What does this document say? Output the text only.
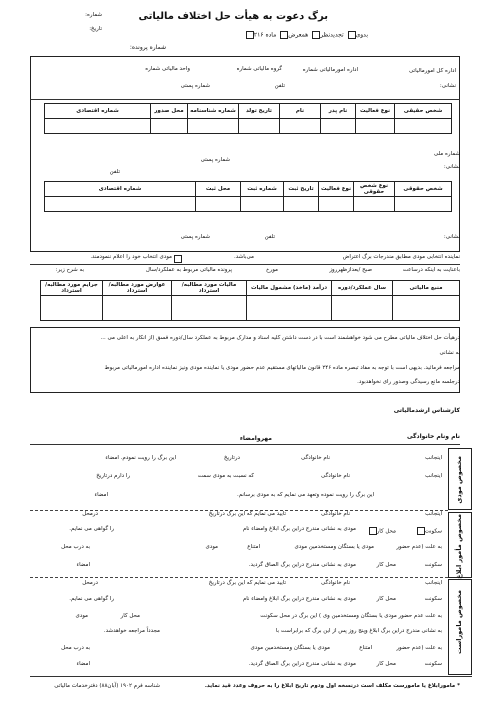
شماره:
تاریخ:
برگ دعوت به هیأت حل اختلاف مالیاتی
بدوی تجدیدنظر همعرض ماده ۲۱۶
شماره پرونده:
اداره کل امورمالیاتی
اداره امورمالیاتی شماره
گروه مالیاتی شماره
واحد مالیاتی شماره
نشانی:
تلفن
شماره پستی
شخص حقیقی	نوع فعالیت	نام پدر	نام	تاریخ تولد	شماره شناسنامه	محل صدور	شماره اقتصادی

شماره ملی
نشانی:
شماره پستی
تلفن
شخص حقوقی	نوع شخص حقوقی	نوع فعالیت	تاریخ ثبت	شماره ثبت	محل ثبت	شماره اقتصادی

نشانی:
تلفن
شماره پستی
نماینده انتخابی مودی مطابق مندرجات برگ اعتراض
می‌باشد.
مودی انتخاب خود را اعلام ننمودمند.
باعنایت به اینکه درساعت
صبح /بعدازظهرروز
مورخ
پرونده مالیاتی مربوط به عملکرد/سال
به شرح زیر:
منبع مالیاتی	سال عملکرد/دوره	درآمد (ماخذ) مشمول مالیات	مالیات مورد مطالبه/استرداد	عوارض مورد مطالبه/استرداد	جرایم مورد مطالبه/استرداد

درهیأت حل اختلاف مالیاتی مطرح می شود خواهشمند است با در دست داشتن کلیه اسناد و مدارک مربوط به عملکرد سال/دوره فسق (از انکار به اعلی می ...
به نشانی
مراجعه فرمائید. بدیهی است با توجه به مفاد تبصره ماده ۲۴۶ قانون مالیاتهای مستقیم عدم حضور مودی یا نماینده مودی ونیز نماینده اداره امورمالیاتی مربوط
درجلسه مانع رسیدگی وصدور رای نخواهدبود.
کارشناس ارشدمالیاتی
نام ونام خانوادگی
مهروامضاء
مخصوص مودی
اینجانب
نام خانوادگی
درتاریخ
این برگ را رویت نمودم. امضاء
اینجانب
نام خانوادگی
که نسبت به مودی سمت
را دارم درتاریخ
این برگ را رویت نموده وتعهد می نمایم که به مودی برسانم.
امضاء
مخصوص مأمور ابلاغ
اینجانب
نام خانوادگی
تایید می نمایم که این برگ درتاریخ
درمحل
سکونت
محل کار
مودی به نشانی مندرج دراین برگ ابلاغ وامضاء نام
را گواهی می نمایم.
به علت (عدم حضور
مودی یا بستگان ومستخدمین مودی
امتناع
مودی
به درب محل
سکونت
محل کار
مودی به نشانی مندرج دراین برگ الصاق گردید.
امضاء
مخصوص ماموراست
اینجانب
نام خانوادگی
تایید می نمایم که این برگ درتاریخ
درمحل
سکونت
محل کار
مودی به نشانی مندرج دراین برگ ابلاغ وامضاء نام
را گواهی می نمایم.
به علت عدم حضور مودی یا بستگان ومستخدمین وی ) این برگ در محل سکونت
محل کار
مودی
به نشانی مندرج دراین برگ ابلاغ وپنج روز پس از این برگ که برابراست با
مجدداً مراجعه خواهدشد.
به علت (عدم حضور
امتناع
مودی یا بستگان ومستخدمین مودی
به درب محل
سکونت
محل کار
مودی به نشانی مندرج دراین برگ الصاق گردید.
امضاء
* مامورابلاغ یا مامورست مکلف است درنسخه اول ودوم تاریخ ابلاغ را به حروف وعدد قید نماید.
شناسه فرم ۱۹۰۲ (آبان۸۸) دفترخدمات مالیاتی
